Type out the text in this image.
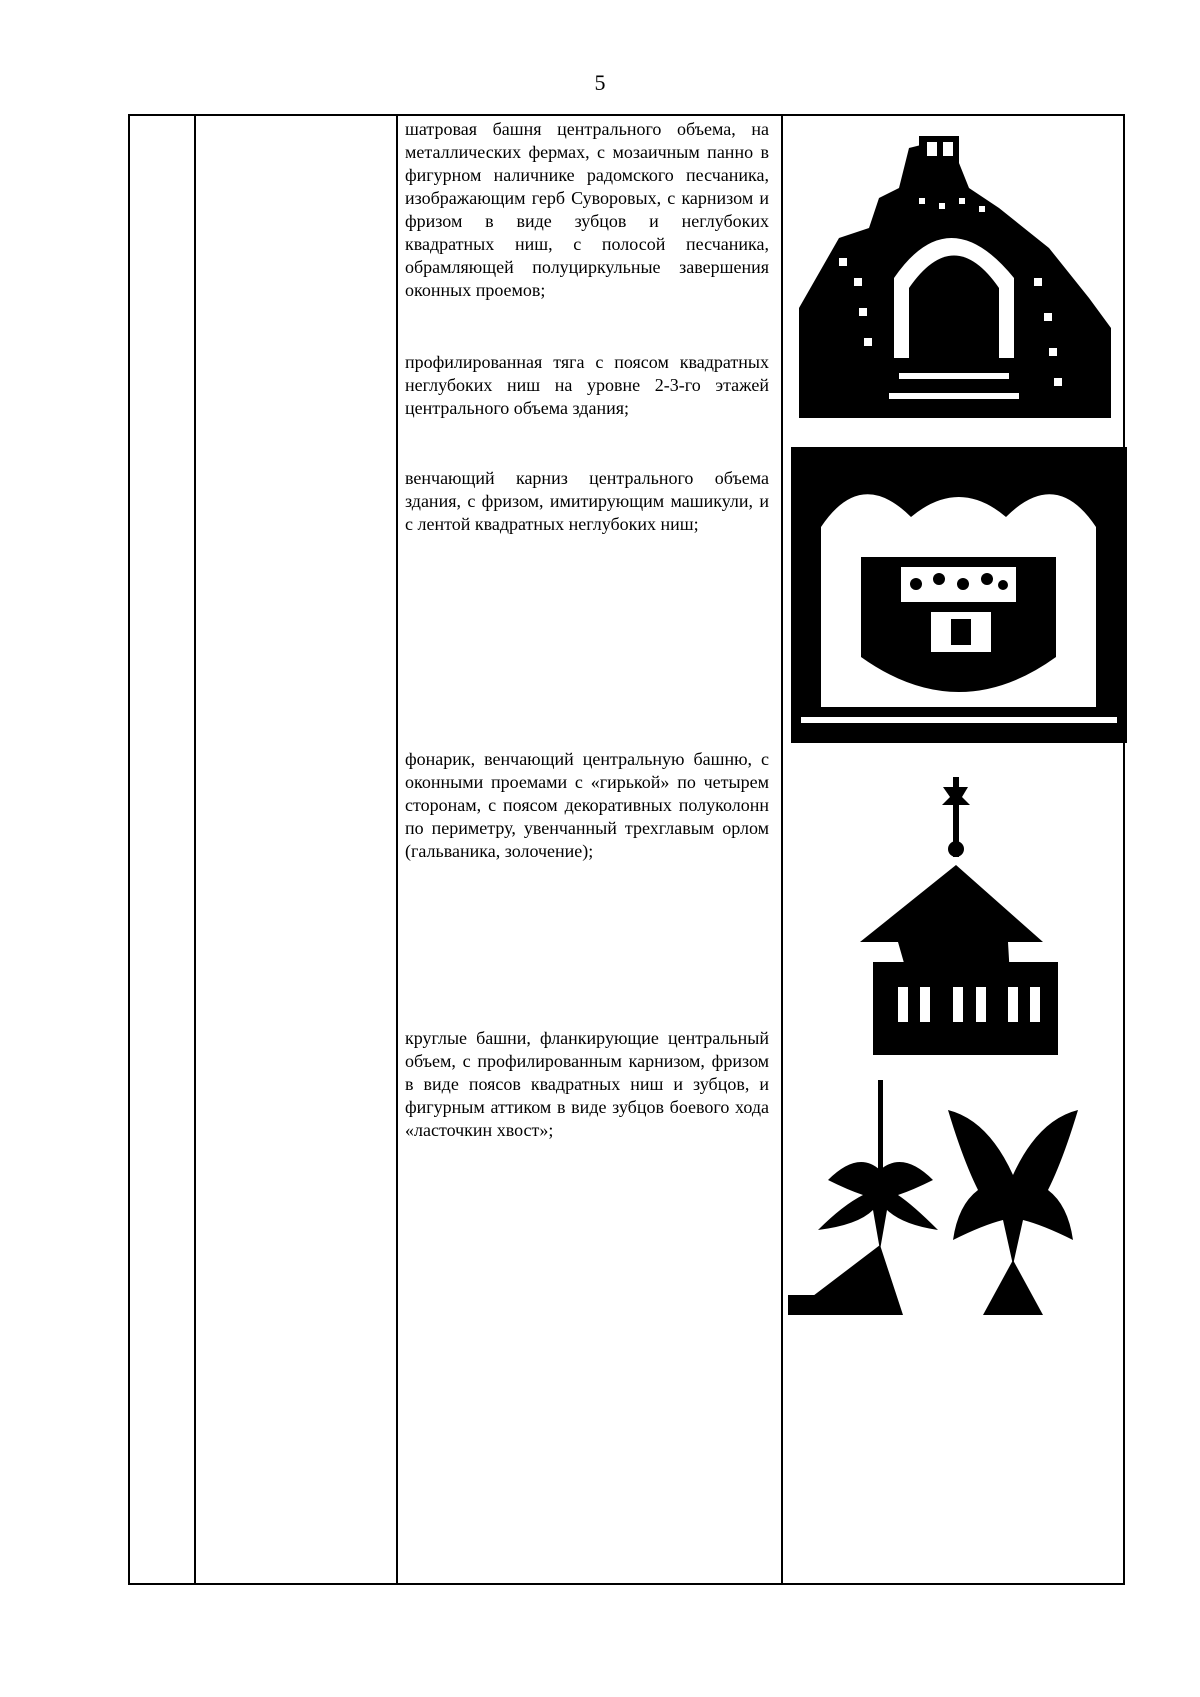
5
шатровая башня центрального объема, на металлических фермах, с мозаичным панно в фигурном наличнике радомского песчаника, изображающим герб Суворовых, с карнизом и фризом в виде зубцов и неглубоких квадратных ниш, с полосой песчаника, обрамляющей полуциркульные завершения оконных проемов;
профилированная тяга с поясом квадратных неглубоких ниш на уровне 2-3-го этажей центрального объема здания;
венчающий карниз центрального объема здания, с фризом, имитирующим машикули, и с лентой квадратных неглубоких ниш;
фонарик, венчающий центральную башню, с оконными проемами с «гирькой» по четырем сторонам, с поясом декоративных полуколонн по периметру, увенчанный трехглавым орлом (гальваника, золочение);
круглые башни, фланкирующие центральный объем, с профилированным карнизом, фризом в виде поясов квадратных ниш и зубцов, и фигурным аттиком в виде зубцов боевого хода «ласточкин хвост»;
